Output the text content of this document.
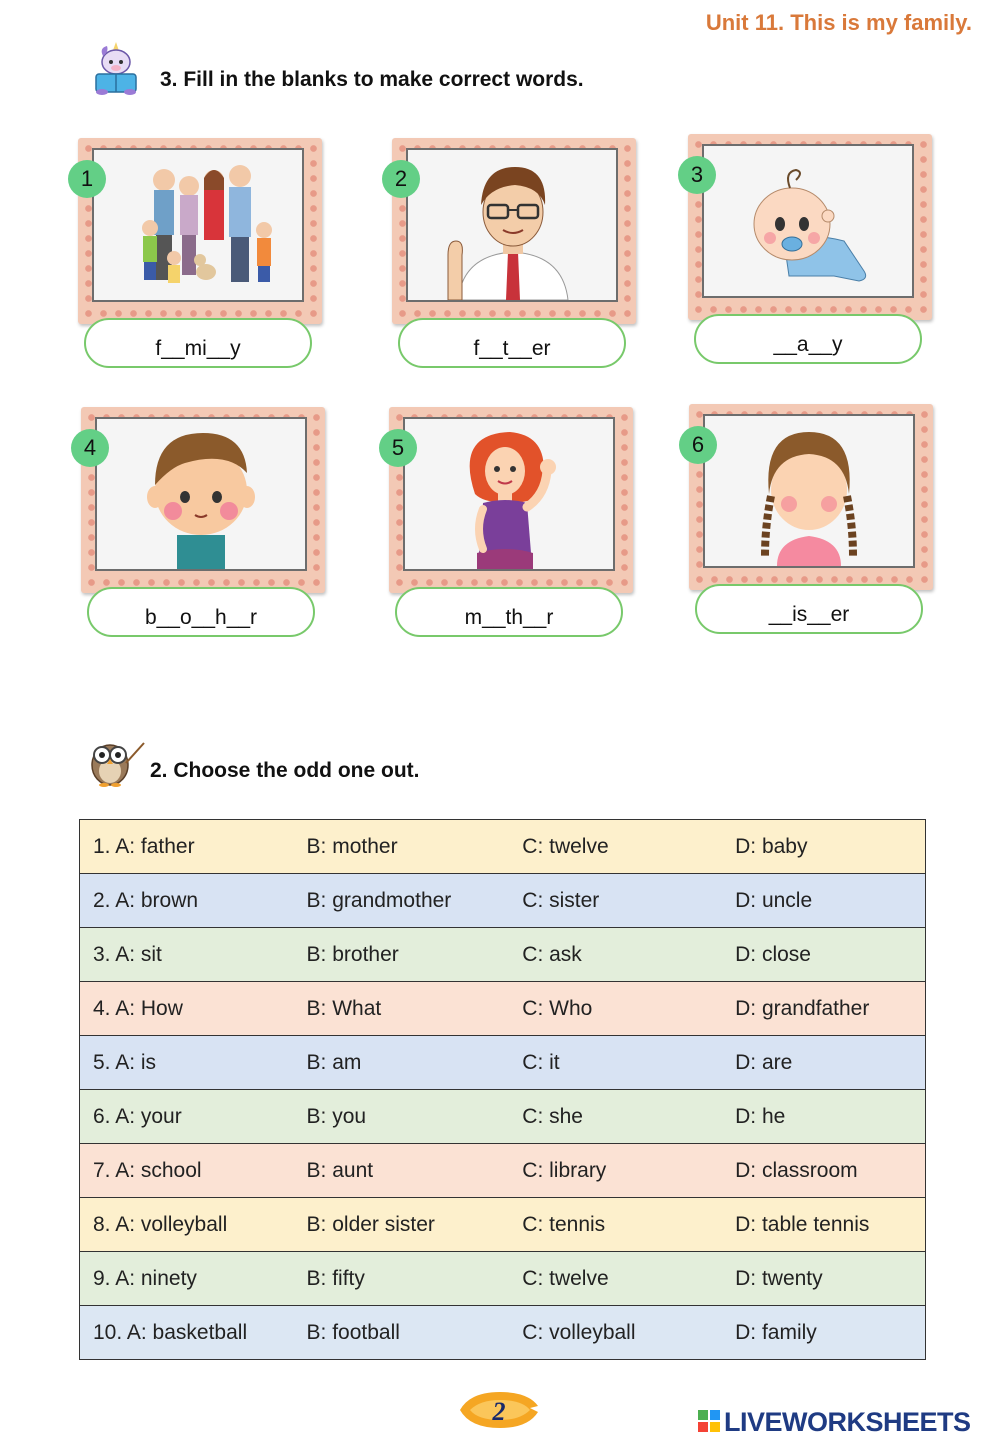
Unit 11. This is my family.
3. Fill in the blanks to make correct words.
1
f__mi__y
2
f__t__er
3
__a__y
4
b__o__h__r
5
m__th__r
6
__is__er
2. Choose the odd one out.
1. A: father	B: mother	C: twelve	D: baby
2. A: brown	B: grandmother	C: sister	D: uncle
3. A: sit	B: brother	C: ask	D: close
4. A: How	B: What	C: Who	D: grandfather
5. A: is	B: am	C: it	D: are
6. A: your	B: you	C: she	D: he
7. A: school	B: aunt	C: library	D: classroom
8. A: volleyball	B: older sister	C: tennis	D: table tennis
9. A: ninety	B: fifty	C: twelve	D: twenty
10. A: basketball	B: football	C: volleyball	D: family
2	LIVEWORKSHEETS
